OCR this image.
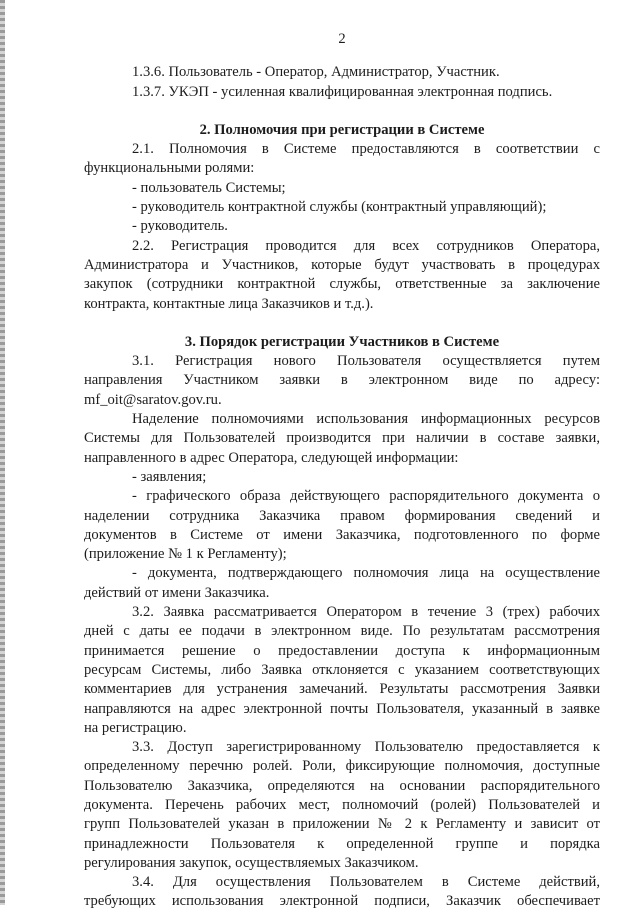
2
1.3.6. Пользователь - Оператор, Администратор, Участник.
1.3.7. УКЭП - усиленная квалифицированная электронная подпись.
2. Полномочия при регистрации в Системе
2.1. Полномочия в Системе предоставляются в соответствии с
функциональными ролями:
- пользователь Системы;
- руководитель контрактной службы (контрактный управляющий);
- руководитель.
2.2. Регистрация проводится для всех сотрудников Оператора,
Администратора и Участников, которые будут участвовать в процедурах
закупок (сотрудники контрактной службы, ответственные за заключение
контракта, контактные лица Заказчиков и т.д.).
3. Порядок регистрации Участников в Системе
3.1. Регистрация нового Пользователя осуществляется путем
направления Участником заявки в электронном виде по адресу:
mf_oit@saratov.gov.ru.
Наделение полномочиями использования информационных ресурсов
Системы для Пользователей производится при наличии в составе заявки,
направленного в адрес Оператора, следующей информации:
- заявления;
- графического образа действующего распорядительного документа о
наделении сотрудника Заказчика правом формирования сведений и
документов в Системе от имени Заказчика, подготовленного по форме
(приложение № 1 к Регламенту);
- документа, подтверждающего полномочия лица на осуществление
действий от имени Заказчика.
3.2. Заявка рассматривается Оператором в течение 3 (трех) рабочих
дней с даты ее подачи в электронном виде. По результатам рассмотрения
принимается решение о предоставлении доступа к информационным
ресурсам Системы, либо Заявка отклоняется с указанием соответствующих
комментариев для устранения замечаний. Результаты рассмотрения Заявки
направляются на адрес электронной почты Пользователя, указанный в заявке
на регистрацию.
3.3. Доступ зарегистрированному Пользователю предоставляется к
определенному перечню ролей. Роли, фиксирующие полномочия, доступные
Пользователю Заказчика, определяются на основании распорядительного
документа. Перечень рабочих мест, полномочий (ролей) Пользователей и
групп Пользователей указан в приложении № 2 к Регламенту и зависит от
принадлежности Пользователя к определенной группе и порядка
регулирования закупок, осуществляемых Заказчиком.
3.4. Для осуществления Пользователем в Системе действий,
требующих использования электронной подписи, Заказчик обеспечивает
